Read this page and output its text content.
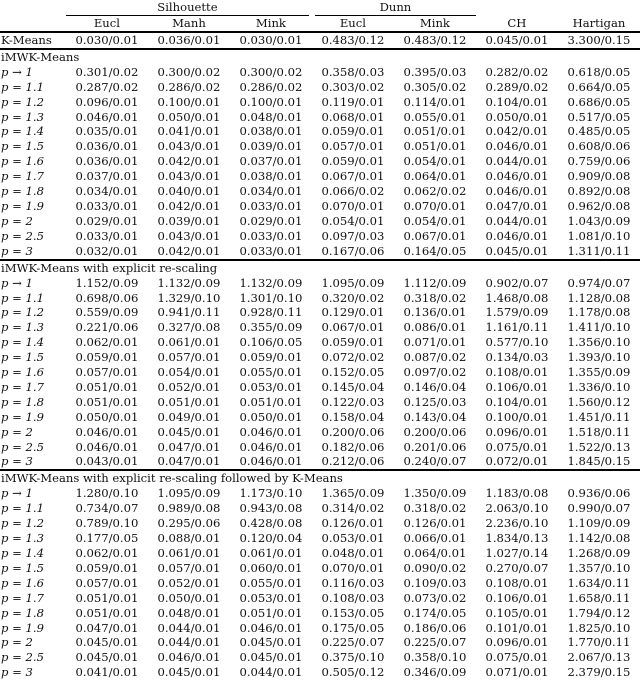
	Silhouette			Dunn			
	Eucl	Manh	Mink	Eucl	Mink	CH	Hartigan
K-Means	0.030/0.01	0.036/0.01	0.030/0.01	0.483/0.12	0.483/0.12	0.045/0.01	3.300/0.15
iMWK-Means							
p → 1	0.301/0.02	0.300/0.02	0.300/0.02	0.358/0.03	0.395/0.03	0.282/0.02	0.618/0.05
p = 1.1	0.287/0.02	0.286/0.02	0.286/0.02	0.303/0.02	0.305/0.02	0.289/0.02	0.664/0.05
p = 1.2	0.096/0.01	0.100/0.01	0.100/0.01	0.119/0.01	0.114/0.01	0.104/0.01	0.686/0.05
p = 1.3	0.046/0.01	0.050/0.01	0.048/0.01	0.068/0.01	0.055/0.01	0.050/0.01	0.517/0.05
p = 1.4	0.035/0.01	0.041/0.01	0.038/0.01	0.059/0.01	0.051/0.01	0.042/0.01	0.485/0.05
p = 1.5	0.036/0.01	0.043/0.01	0.039/0.01	0.057/0.01	0.051/0.01	0.046/0.01	0.608/0.06
p = 1.6	0.036/0.01	0.042/0.01	0.037/0.01	0.059/0.01	0.054/0.01	0.044/0.01	0.759/0.06
p = 1.7	0.037/0.01	0.043/0.01	0.038/0.01	0.067/0.01	0.064/0.01	0.046/0.01	0.909/0.08
p = 1.8	0.034/0.01	0.040/0.01	0.034/0.01	0.066/0.02	0.062/0.02	0.046/0.01	0.892/0.08
p = 1.9	0.033/0.01	0.042/0.01	0.033/0.01	0.070/0.01	0.070/0.01	0.047/0.01	0.962/0.08
p = 2	0.029/0.01	0.039/0.01	0.029/0.01	0.054/0.01	0.054/0.01	0.044/0.01	1.043/0.09
p = 2.5	0.033/0.01	0.043/0.01	0.033/0.01	0.097/0.03	0.067/0.01	0.046/0.01	1.081/0.10
p = 3	0.032/0.01	0.042/0.01	0.033/0.01	0.167/0.06	0.164/0.05	0.045/0.01	1.311/0.11
iMWK-Means with explicit re-scaling							
p → 1	1.152/0.09	1.132/0.09	1.132/0.09	1.095/0.09	1.112/0.09	0.902/0.07	0.974/0.07
p = 1.1	0.698/0.06	1.329/0.10	1.301/0.10	0.320/0.02	0.318/0.02	1.468/0.08	1.128/0.08
p = 1.2	0.559/0.09	0.941/0.11	0.928/0.11	0.129/0.01	0.136/0.01	1.579/0.09	1.178/0.08
p = 1.3	0.221/0.06	0.327/0.08	0.355/0.09	0.067/0.01	0.086/0.01	1.161/0.11	1.411/0.10
p = 1.4	0.062/0.01	0.061/0.01	0.106/0.05	0.059/0.01	0.071/0.01	0.577/0.10	1.356/0.10
p = 1.5	0.059/0.01	0.057/0.01	0.059/0.01	0.072/0.02	0.087/0.02	0.134/0.03	1.393/0.10
p = 1.6	0.057/0.01	0.054/0.01	0.055/0.01	0.152/0.05	0.097/0.02	0.108/0.01	1.355/0.09
p = 1.7	0.051/0.01	0.052/0.01	0.053/0.01	0.145/0.04	0.146/0.04	0.106/0.01	1.336/0.10
p = 1.8	0.051/0.01	0.051/0.01	0.051/0.01	0.122/0.03	0.125/0.03	0.104/0.01	1.560/0.12
p = 1.9	0.050/0.01	0.049/0.01	0.050/0.01	0.158/0.04	0.143/0.04	0.100/0.01	1.451/0.11
p = 2	0.046/0.01	0.045/0.01	0.046/0.01	0.200/0.06	0.200/0.06	0.096/0.01	1.518/0.11
p = 2.5	0.046/0.01	0.047/0.01	0.046/0.01	0.182/0.06	0.201/0.06	0.075/0.01	1.522/0.13
p = 3	0.043/0.01	0.047/0.01	0.046/0.01	0.212/0.06	0.240/0.07	0.072/0.01	1.845/0.15
iMWK-Means with explicit re-scaling followed by K-Means							
p → 1	1.280/0.10	1.095/0.09	1.173/0.10	1.365/0.09	1.350/0.09	1.183/0.08	0.936/0.06
p = 1.1	0.734/0.07	0.989/0.08	0.943/0.08	0.314/0.02	0.318/0.02	2.063/0.10	0.990/0.07
p = 1.2	0.789/0.10	0.295/0.06	0.428/0.08	0.126/0.01	0.126/0.01	2.236/0.10	1.109/0.09
p = 1.3	0.177/0.05	0.088/0.01	0.120/0.04	0.053/0.01	0.066/0.01	1.834/0.13	1.142/0.08
p = 1.4	0.062/0.01	0.061/0.01	0.061/0.01	0.048/0.01	0.064/0.01	1.027/0.14	1.268/0.09
p = 1.5	0.059/0.01	0.057/0.01	0.060/0.01	0.070/0.01	0.090/0.02	0.270/0.07	1.357/0.10
p = 1.6	0.057/0.01	0.052/0.01	0.055/0.01	0.116/0.03	0.109/0.03	0.108/0.01	1.634/0.11
p = 1.7	0.051/0.01	0.050/0.01	0.053/0.01	0.108/0.03	0.073/0.02	0.106/0.01	1.658/0.11
p = 1.8	0.051/0.01	0.048/0.01	0.051/0.01	0.153/0.05	0.174/0.05	0.105/0.01	1.794/0.12
p = 1.9	0.047/0.01	0.044/0.01	0.046/0.01	0.175/0.05	0.186/0.06	0.101/0.01	1.825/0.10
p = 2	0.045/0.01	0.044/0.01	0.045/0.01	0.225/0.07	0.225/0.07	0.096/0.01	1.770/0.11
p = 2.5	0.045/0.01	0.046/0.01	0.045/0.01	0.375/0.10	0.358/0.10	0.075/0.01	2.067/0.13
p = 3	0.041/0.01	0.045/0.01	0.044/0.01	0.505/0.12	0.346/0.09	0.071/0.01	2.379/0.15
